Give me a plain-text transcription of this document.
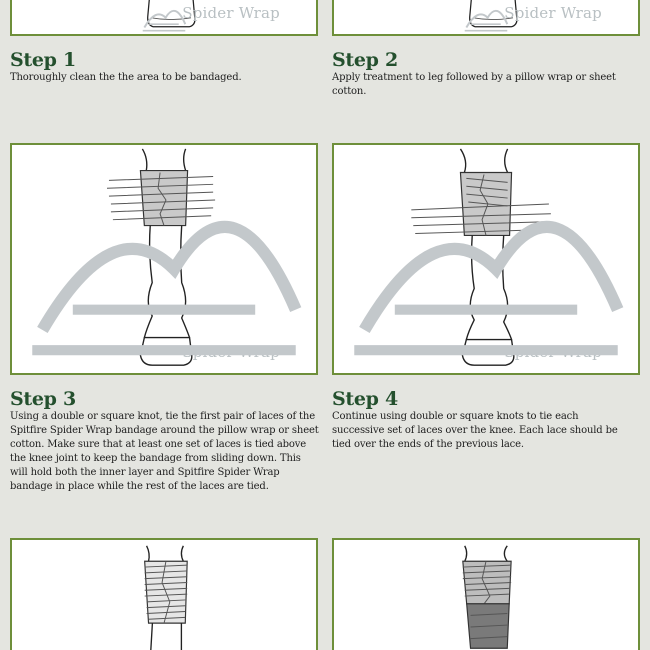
Spider Wrap	Spider Wrap
Step 1
Thoroughly clean the the area to be bandaged.
Step 2
Apply treatment to leg followed by a pillow wrap or sheet cotton.
Step 3
Using a double or square knot, tie the first pair of laces of the Spitfire Spider Wrap bandage around the pillow wrap or sheet cotton. Make sure that at least one set of laces is tied above the knee joint to keep the bandage from sliding down. This will hold both the inner layer and Spitfire Spider Wrap bandage in place while the rest of the laces are tied.
Step 4
Continue using double or square knots to tie each successive set of laces over the knee. Each lace should be tied over the ends of the previous lace.
